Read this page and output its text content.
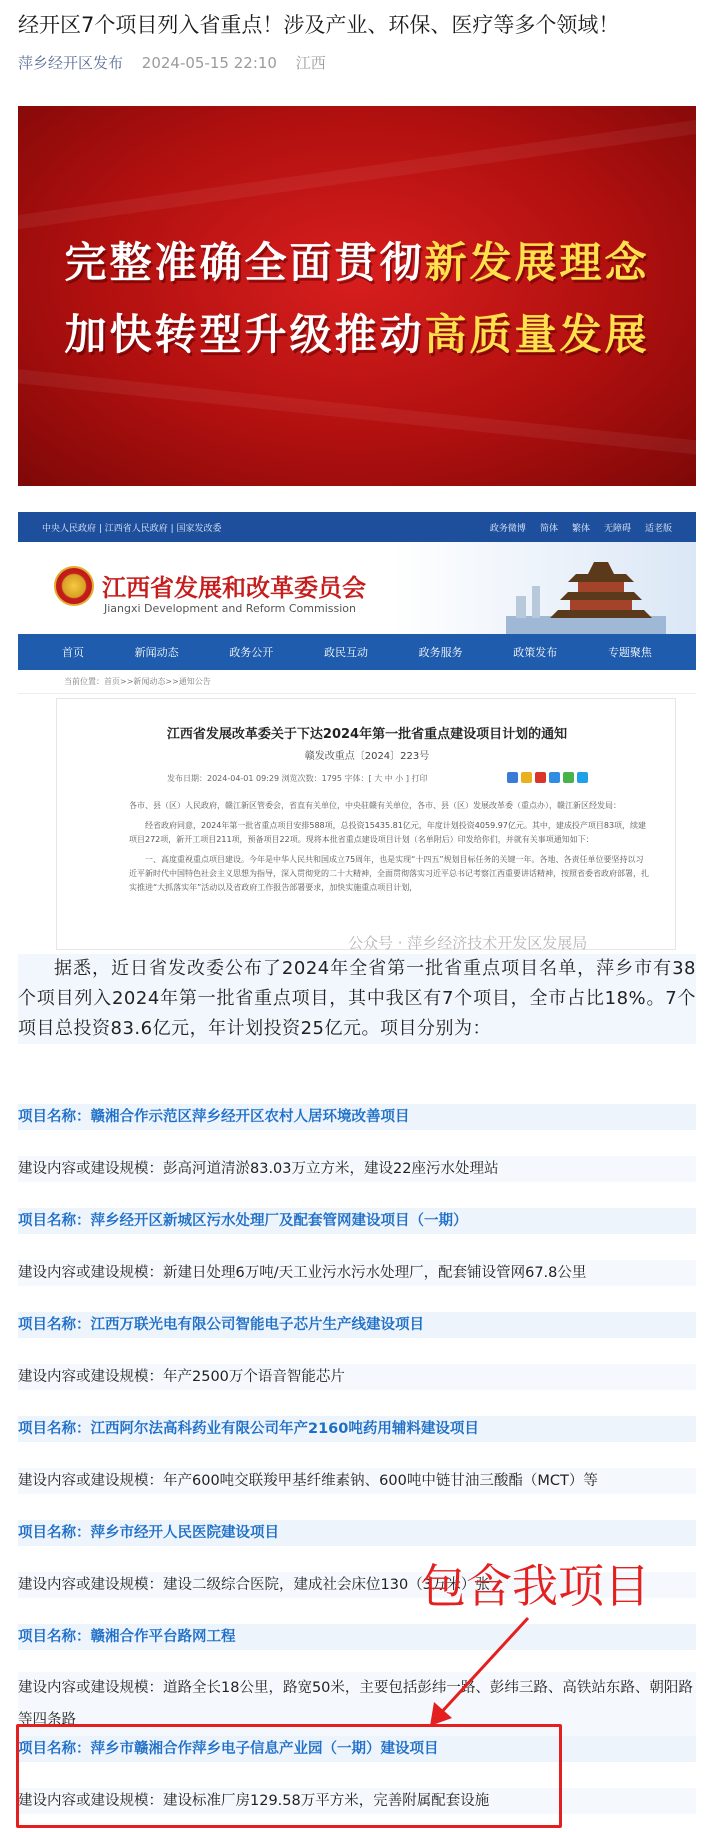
经开区7个项目列入省重点！涉及产业、环保、医疗等多个领域！
萍乡经开区发布 2024-05-15 22:10 江西
完整准确全面贯彻新发展理念
加快转型升级推动高质量发展
中央人民政府 | 江西省人民政府 | 国家发改委	政务微博 简体 繁体 无障碍 适老版
江西省发展和改革委员会
Jiangxi Development and Reform Commission
首页	新闻动态	政务公开	政民互动	政务服务	政策发布	专题聚焦
当前位置：首页>>新闻动态>>通知公告
江西省发展改革委关于下达2024年第一批省重点建设项目计划的通知
赣发改重点〔2024〕223号
发布日期：2024-04-01 09:29 浏览次数：1795 字体：[ 大 中 小 ] 打印

各市、县（区）人民政府，赣江新区管委会，省直有关单位，中央驻赣有关单位，各市、县（区）发展改革委（重点办），赣江新区经发局：

经省政府同意，2024年第一批省重点项目安排588项，总投资15435.81亿元，年度计划投资4059.97亿元。其中，建成投产项目83项，续建项目272项，新开工项目211项，预备项目22项。现将本批省重点建设项目计划（名单附后）印发给你们，并就有关事项通知如下：

一、高度重视重点项目建设。今年是中华人民共和国成立75周年，也是实现“十四五”规划目标任务的关键一年。各地、各责任单位要坚持以习近平新时代中国特色社会主义思想为指导，深入贯彻党的二十大精神，全面贯彻落实习近平总书记考察江西重要讲话精神，按照省委省政府部署，扎实推进“大抓落实年”活动以及省政府工作报告部署要求，加快实施重点项目计划，

公众号 · 萍乡经济技术开发区发展局
据悉，近日省发改委公布了2024年全省第一批省重点项目名单，萍乡市有38个项目列入2024年第一批省重点项目，其中我区有7个项目，全市占比18%。7个项目总投资83.6亿元，年计划投资25亿元。项目分别为：
项目名称：赣湘合作示范区萍乡经开区农村人居环境改善项目
建设内容或建设规模：彭高河道清淤83.03万立方米，建设22座污水处理站
项目名称：萍乡经开区新城区污水处理厂及配套管网建设项目（一期）
建设内容或建设规模：新建日处理6万吨/天工业污水污水处理厂，配套铺设管网67.8公里
项目名称：江西万联光电有限公司智能电子芯片生产线建设项目
建设内容或建设规模：年产2500万个语音智能芯片
项目名称：江西阿尔法高科药业有限公司年产2160吨药用辅料建设项目
建设内容或建设规模：年产600吨交联羧甲基纤维素钠、600吨中链甘油三酸酯（MCT）等
项目名称：萍乡市经开人民医院建设项目
建设内容或建设规模：建设二级综合医院，建成社会床位130（3万米）张
项目名称：赣湘合作平台路网工程
建设内容或建设规模：道路全长18公里，路宽50米，主要包括彭纬一路、彭纬三路、高铁站东路、朝阳路等四条路
项目名称：萍乡市赣湘合作萍乡电子信息产业园（一期）建设项目
建设内容或建设规模：建设标准厂房129.58万平方米，完善附属配套设施
包含我项目
